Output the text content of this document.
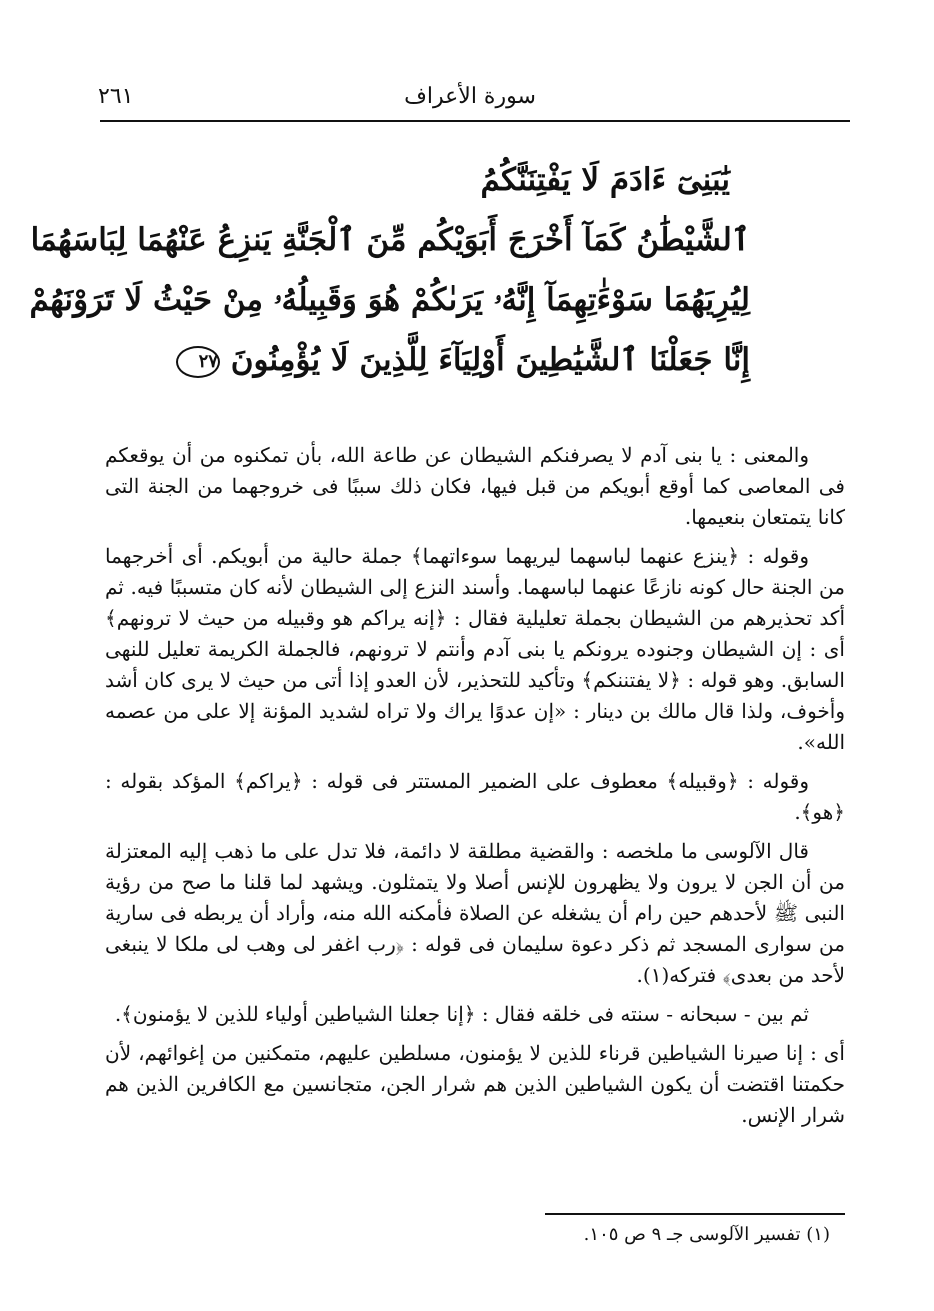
سورة الأعراف
٢٦١
يَٰبَنِىٓ ءَادَمَ لَا يَفْتِنَنَّكُمُ
ٱلشَّيْطَٰنُ كَمَآ أَخْرَجَ أَبَوَيْكُم مِّنَ ٱلْجَنَّةِ يَنزِعُ عَنْهُمَا لِبَاسَهُمَا
لِيُرِيَهُمَا سَوْءَٰتِهِمَآ إِنَّهُۥ يَرَىٰكُمْ هُوَ وَقَبِيلُهُۥ مِنْ حَيْثُ لَا تَرَوْنَهُمْ
إِنَّا جَعَلْنَا ٱلشَّيَٰطِينَ أَوْلِيَآءَ لِلَّذِينَ لَا يُؤْمِنُونَ ٢٧

والمعنى : يا بنى آدم لا يصرفنكم الشيطان عن طاعة الله، بأن تمكنوه من أن يوقعكم فى المعاصى كما أوقع أبويكم من قبل فيها، فكان ذلك سببًا فى خروجهما من الجنة التى كانا يتمتعان بنعيمها.

وقوله : ﴿ينزع عنهما لباسهما ليريهما سوءاتهما﴾ جملة حالية من أبويكم. أى أخرجهما من الجنة حال كونه نازعًا عنهما لباسهما. وأسند النزع إلى الشيطان لأنه كان متسببًا فيه. ثم أكد تحذيرهم من الشيطان بجملة تعليلية فقال : ﴿إنه يراكم هو وقبيله من حيث لا ترونهم﴾ أى : إن الشيطان وجنوده يرونكم يا بنى آدم وأنتم لا ترونهم، فالجملة الكريمة تعليل للنهى السابق. وهو قوله : ﴿لا يفتننكم﴾ وتأكيد للتحذير، لأن العدو إذا أتى من حيث لا يرى كان أشد وأخوف، ولذا قال مالك بن دينار : «إن عدوًا يراك ولا تراه لشديد المؤنة إلا على من عصمه الله».

وقوله : ﴿وقبيله﴾ معطوف على الضمير المستتر فى قوله : ﴿يراكم﴾ المؤكد بقوله : ﴿هو﴾.

قال الآلوسى ما ملخصه : والقضية مطلقة لا دائمة، فلا تدل على ما ذهب إليه المعتزلة من أن الجن لا يرون ولا يظهرون للإنس أصلا ولا يتمثلون. ويشهد لما قلنا ما صح من رؤية النبى ﷺ لأحدهم حين رام أن يشغله عن الصلاة فأمكنه الله منه، وأراد أن يربطه فى سارية من سوارى المسجد ثم ذكر دعوة سليمان فى قوله : ﴿رب اغفر لى وهب لى ملكا لا ينبغى لأحد من بعدى﴾ فتركه(١).

ثم بين - سبحانه - سنته فى خلقه فقال : ﴿إنا جعلنا الشياطين أولياء للذين لا يؤمنون﴾.

أى : إنا صيرنا الشياطين قرناء للذين لا يؤمنون، مسلطين عليهم، متمكنين من إغوائهم، لأن حكمتنا اقتضت أن يكون الشياطين الذين هم شرار الجن، متجانسين مع الكافرين الذين هم شرار الإنس.

(١) تفسير الآلوسى جـ ٩ ص ١٠٥.
